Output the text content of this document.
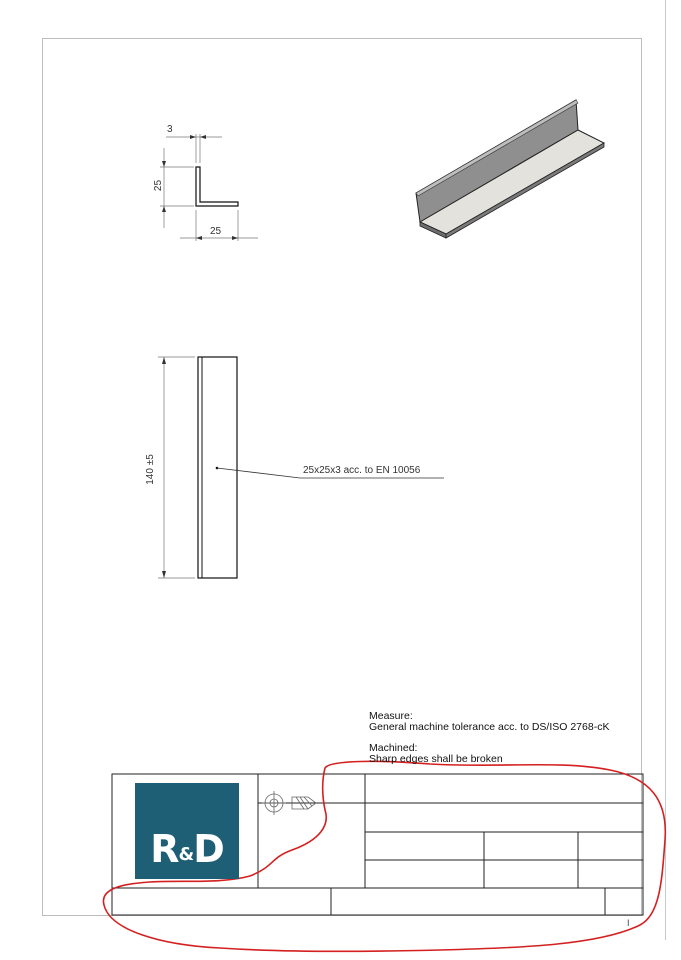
3
25
25
140 ±5	25x25x3 acc. to EN 10056
Measure:
General machine tolerance acc. to DS/ISO 2768-cK
Machined:
Sharp edges shall be broken
R&D
I
